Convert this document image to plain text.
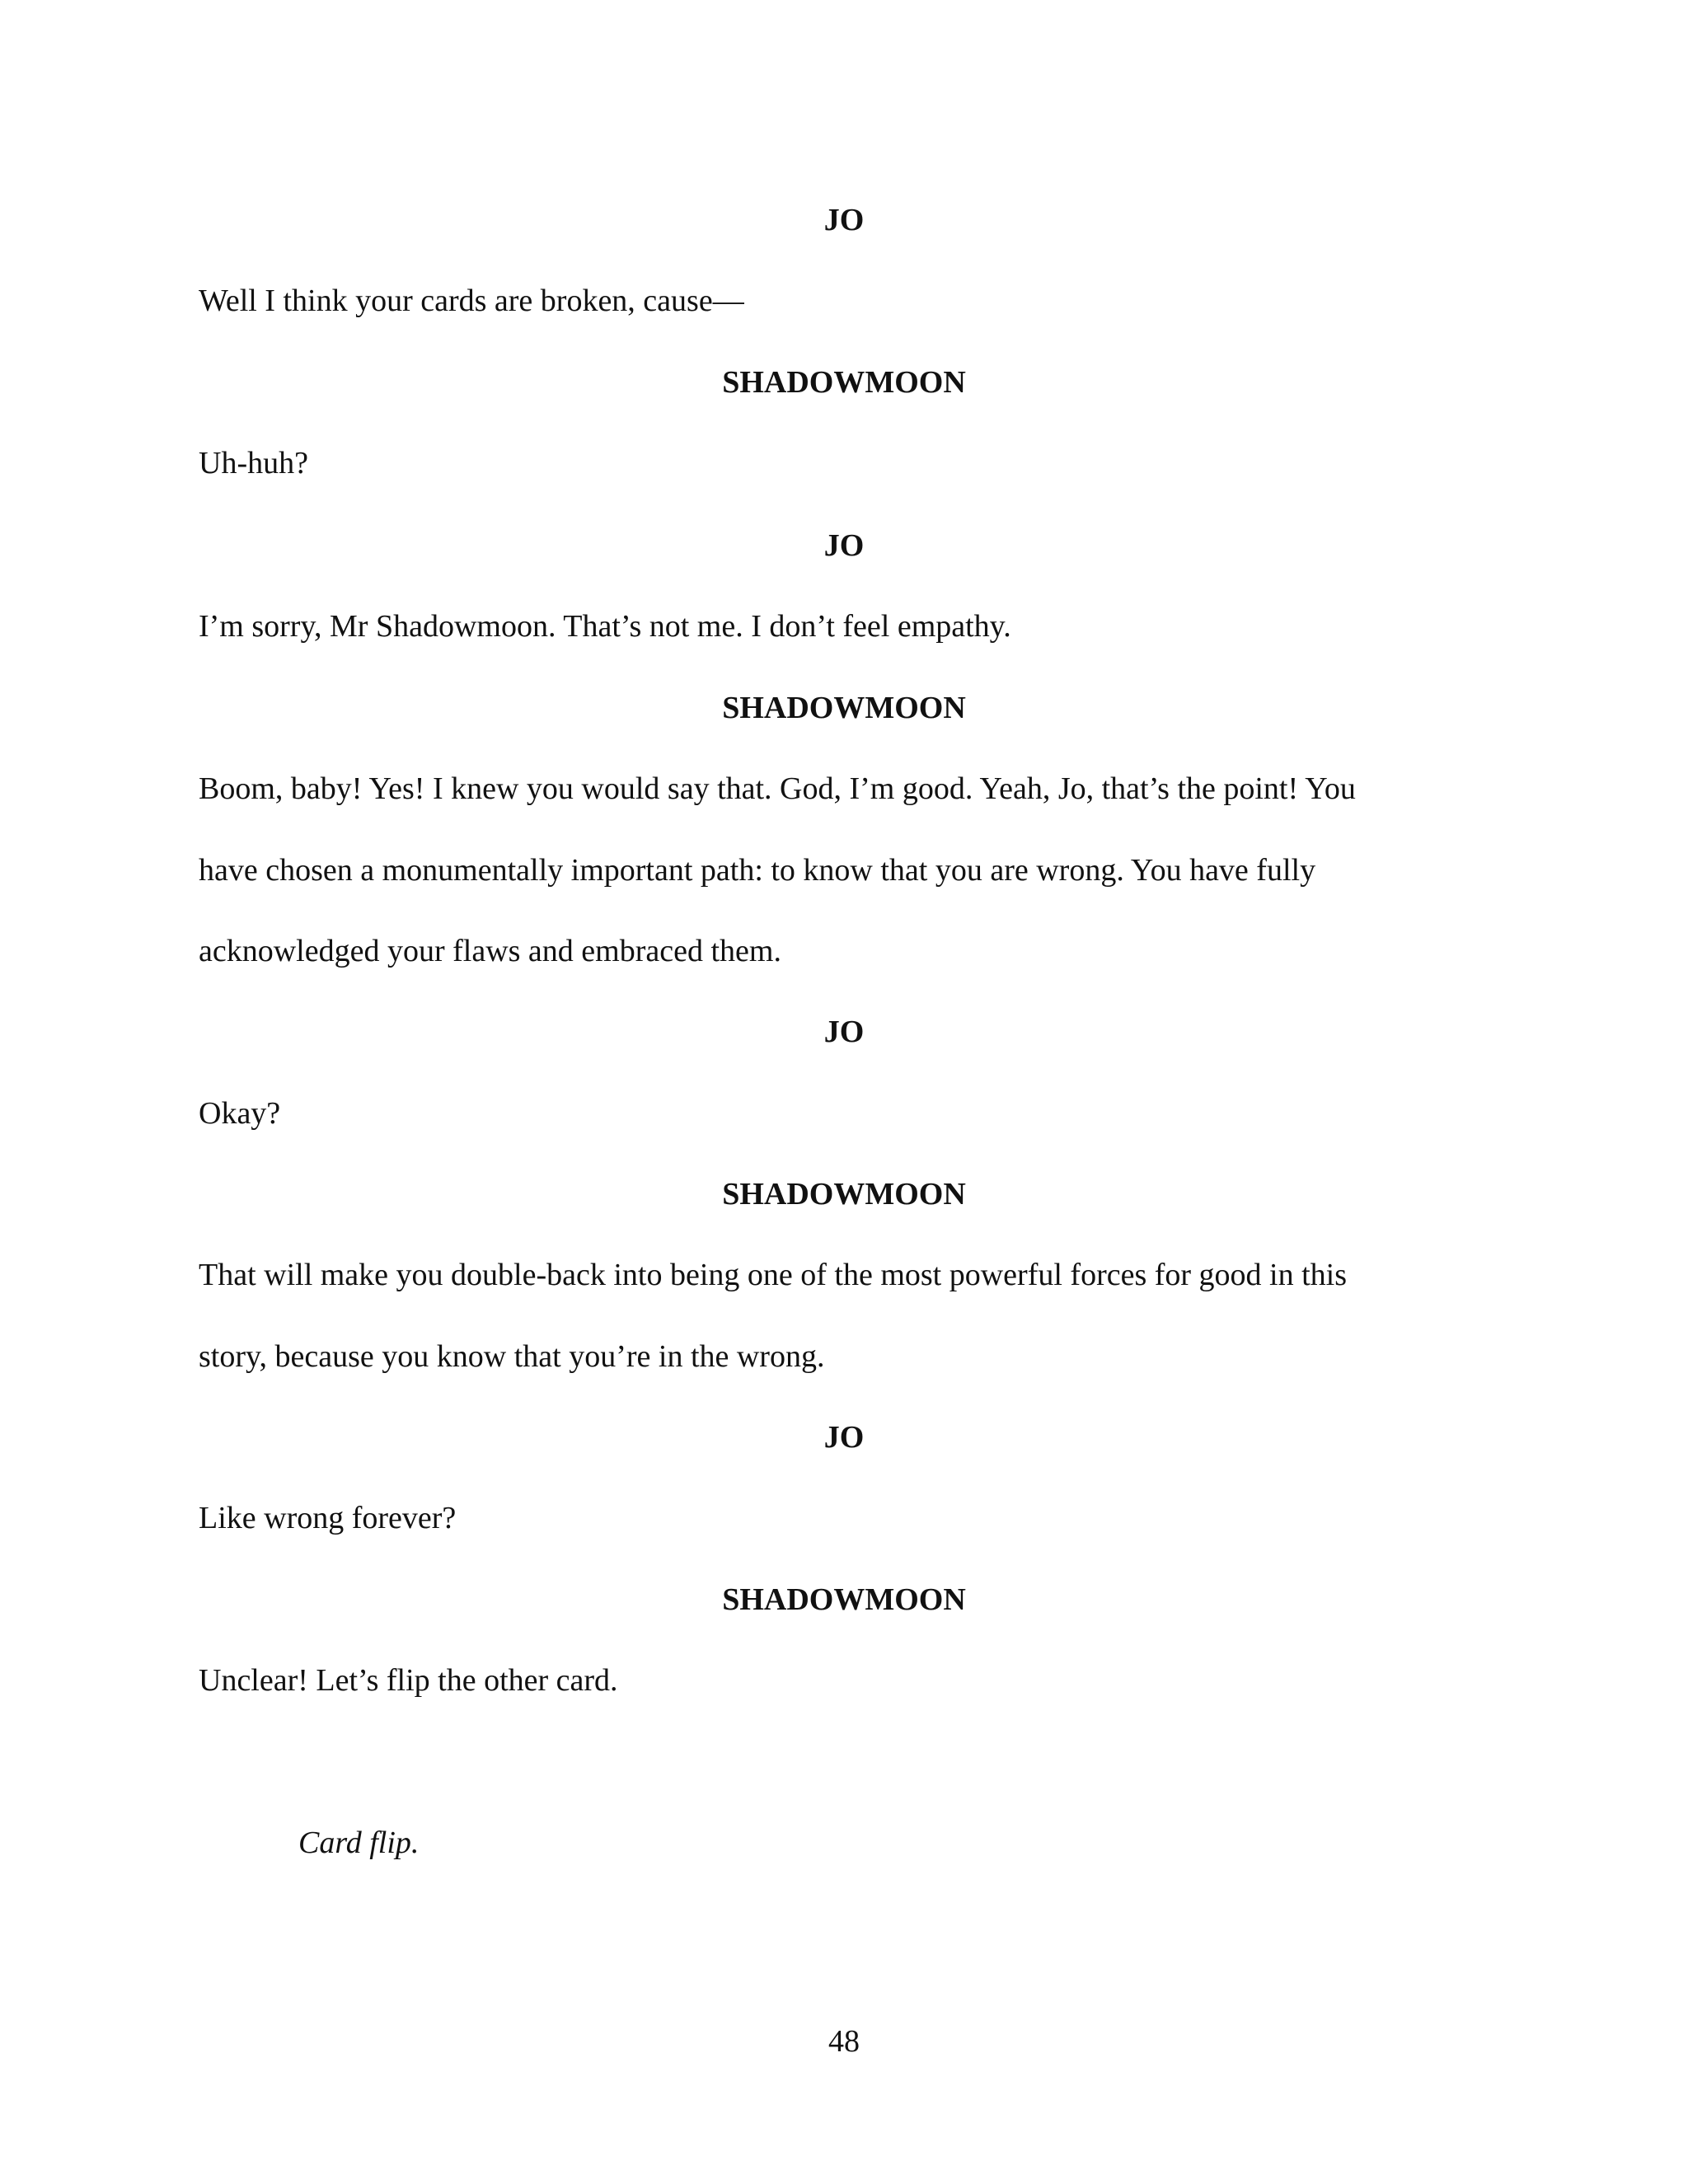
JO
Well I think your cards are broken, cause—
SHADOWMOON
Uh-huh?
JO
I’m sorry, Mr Shadowmoon. That’s not me. I don’t feel empathy.
SHADOWMOON
Boom, baby! Yes! I knew you would say that. God, I’m good. Yeah, Jo, that’s the point! You
have chosen a monumentally important path: to know that you are wrong. You have fully
acknowledged your flaws and embraced them.
JO
Okay?
SHADOWMOON
That will make you double-back into being one of the most powerful forces for good in this
story, because you know that you’re in the wrong.
JO
Like wrong forever?
SHADOWMOON
Unclear! Let’s flip the other card.
Card flip.
48
